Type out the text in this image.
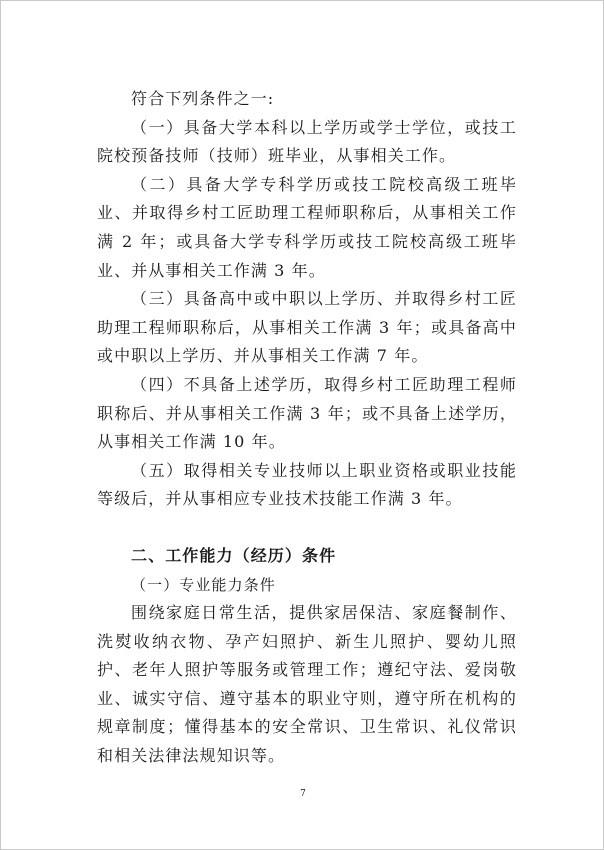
符合下列条件之一:

（一）具备大学本科以上学历或学士学位，或技工院校预备技师（技师）班毕业，从事相关工作。

（二）具备大学专科学历或技工院校高级工班毕业、并取得乡村工匠助理工程师职称后，从事相关工作满 2 年；或具备大学专科学历或技工院校高级工班毕业、并从事相关工作满 3 年。

（三）具备高中或中职以上学历、并取得乡村工匠助理工程师职称后，从事相关工作满 3 年；或具备高中或中职以上学历、并从事相关工作满 7 年。

（四）不具备上述学历，取得乡村工匠助理工程师职称后、并从事相关工作满 3 年；或不具备上述学历，从事相关工作满 10 年。

（五）取得相关专业技师以上职业资格或职业技能等级后，并从事相应专业技术技能工作满 3 年。

二、工作能力（经历）条件

（一）专业能力条件

围绕家庭日常生活，提供家居保洁、家庭餐制作、洗熨收纳衣物、孕产妇照护、新生儿照护、婴幼儿照护、老年人照护等服务或管理工作；遵纪守法、爱岗敬业、诚实守信、遵守基本的职业守则，遵守所在机构的规章制度；懂得基本的安全常识、卫生常识、礼仪常识和相关法律法规知识等。

7
